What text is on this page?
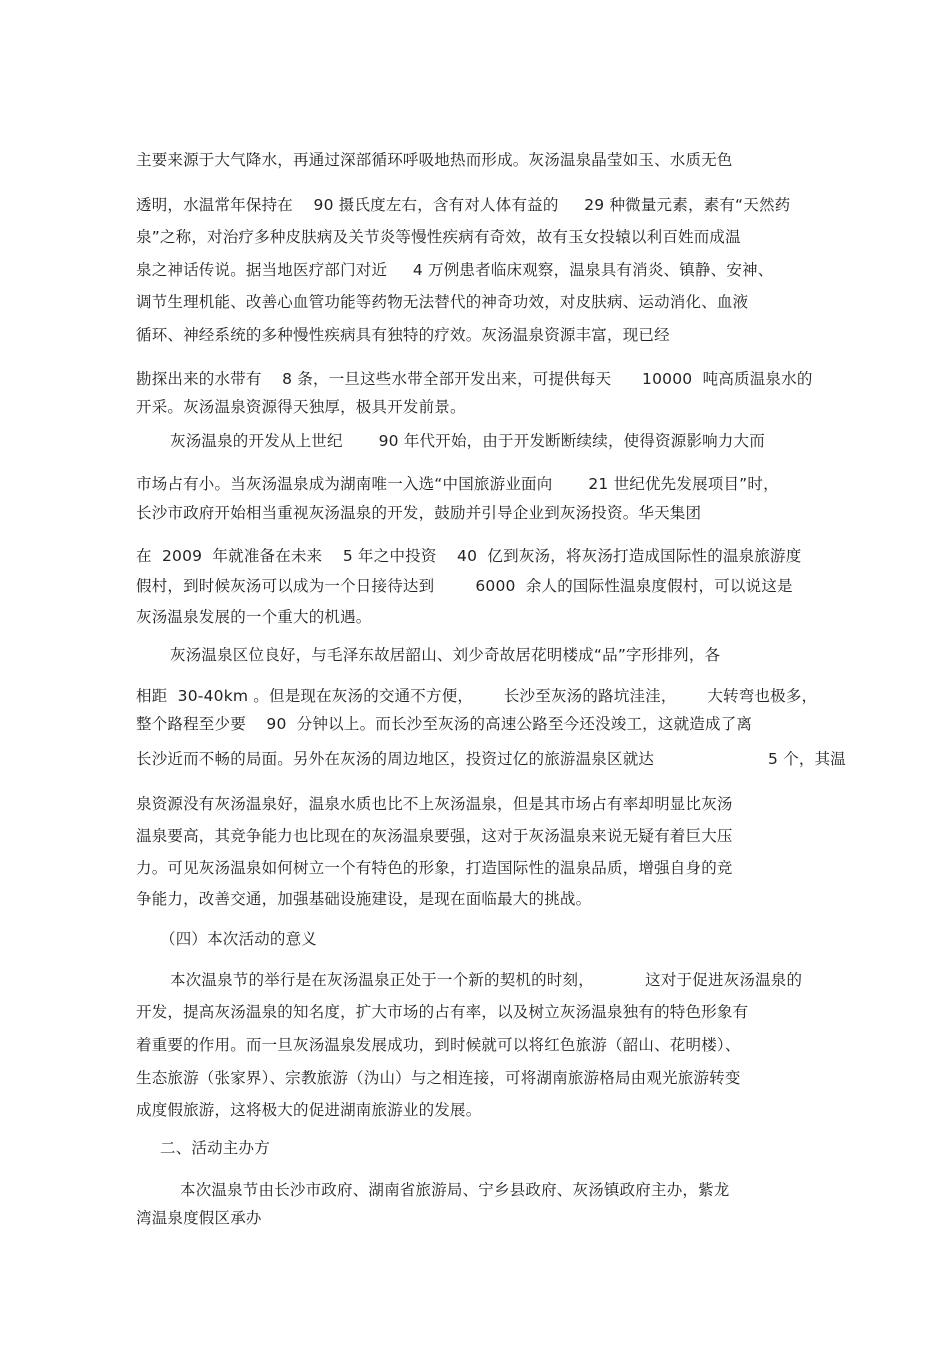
主要来源于大气降水，再通过深部循环呼吸地热而形成。灰汤温泉晶莹如玉、水质无色
透明，水温常年保持在    90 摄氏度左右，含有对人体有益的     29 种微量元素，素有“天然药
泉”之称，对治疗多种皮肤病及关节炎等慢性疾病有奇效，故有玉女投辕以利百姓而成温
泉之神话传说。据当地医疗部门对近     4 万例患者临床观察，温泉具有消炎、镇静、安神、
调节生理机能、改善心血管功能等药物无法替代的神奇功效，对皮肤病、运动消化、血液
循环、神经系统的多种慢性疾病具有独特的疗效。灰汤温泉资源丰富，现已经
勘探出来的水带有    8 条，一旦这些水带全部开发出来，可提供每天      10000  吨高质温泉水的
开采。灰汤温泉资源得天独厚，极具开发前景。
灰汤温泉的开发从上世纪       90 年代开始，由于开发断断续续，使得资源影响力大而
市场占有小。当灰汤温泉成为湖南唯一入选“中国旅游业面向       21 世纪优先发展项目”时，
长沙市政府开始相当重视灰汤温泉的开发，鼓励并引导企业到灰汤投资。华天集团
在  2009  年就准备在未来    5 年之中投资    40  亿到灰汤，将灰汤打造成国际性的温泉旅游度
假村，到时候灰汤可以成为一个日接待达到        6000  余人的国际性温泉度假村，可以说这是
灰汤温泉发展的一个重大的机遇。
灰汤温泉区位良好，与毛泽东故居韶山、刘少奇故居花明楼成“品”字形排列，各
相距  30-40km 。但是现在灰汤的交通不方便，      长沙至灰汤的路坑洼洼，      大转弯也极多，
整个路程至少要    90  分钟以上。而长沙至灰汤的高速公路至今还没竣工，这就造成了离
长沙近而不畅的局面。另外在灰汤的周边地区，投资过亿的旅游温泉区就达	5 个，其温
泉资源没有灰汤温泉好，温泉水质也比不上灰汤温泉，但是其市场占有率却明显比灰汤
温泉要高，其竞争能力也比现在的灰汤温泉要强，这对于灰汤温泉来说无疑有着巨大压
力。可见灰汤温泉如何树立一个有特色的形象，打造国际性的温泉品质，增强自身的竞
争能力，改善交通，加强基础设施建设，是现在面临最大的挑战。
（四）本次活动的意义
本次温泉节的举行是在灰汤温泉正处于一个新的契机的时刻，          这对于促进灰汤温泉的
开发，提高灰汤温泉的知名度，扩大市场的占有率，以及树立灰汤温泉独有的特色形象有
着重要的作用。而一旦灰汤温泉发展成功，到时候就可以将红色旅游（韶山、花明楼）、
生态旅游（张家界）、宗教旅游（沩山）与之相连接，可将湖南旅游格局由观光旅游转变
成度假旅游，这将极大的促进湖南旅游业的发展。
二、活动主办方
本次温泉节由长沙市政府、湖南省旅游局、宁乡县政府、灰汤镇政府主办，紫龙
湾温泉度假区承办
